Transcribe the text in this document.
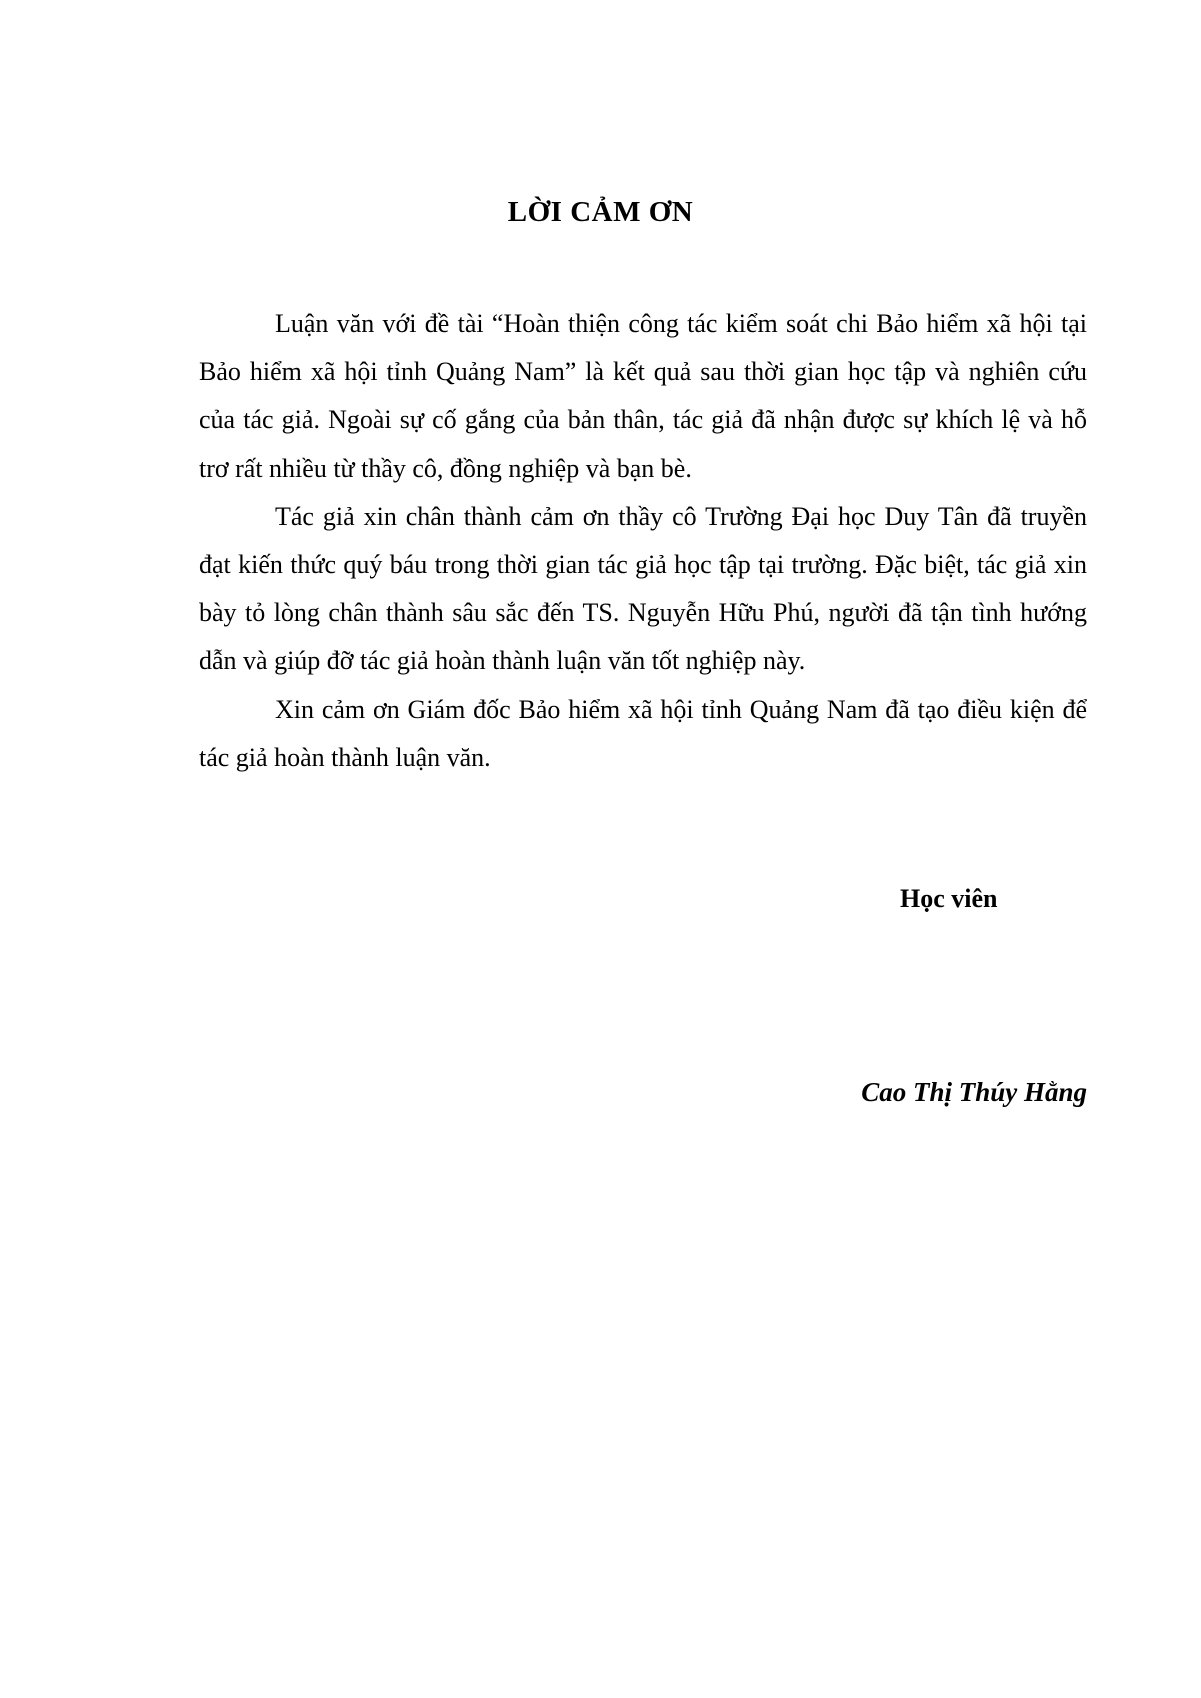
LỜI CẢM ƠN

Luận văn với đề tài “Hoàn thiện công tác kiểm soát chi Bảo hiểm xã hội tại Bảo hiểm xã hội tỉnh Quảng Nam” là kết quả sau thời gian học tập và nghiên cứu của tác giả. Ngoài sự cố gắng của bản thân, tác giả đã nhận được sự khích lệ và hỗ trơ rất nhiều từ thầy cô, đồng nghiệp và bạn bè.

Tác giả xin chân thành cảm ơn thầy cô Trường Đại học Duy Tân đã truyền đạt kiến thức quý báu trong thời gian tác giả học tập tại trường. Đặc biệt, tác giả xin bày tỏ lòng chân thành sâu sắc đến TS. Nguyễn Hữu Phú, người đã tận tình hướng dẫn và giúp đỡ tác giả hoàn thành luận văn tốt nghiệp này.

Xin cảm ơn Giám đốc Bảo hiểm xã hội tỉnh Quảng Nam đã tạo điều kiện để tác giả hoàn thành luận văn.

Học viên

Cao Thị Thúy Hằng
